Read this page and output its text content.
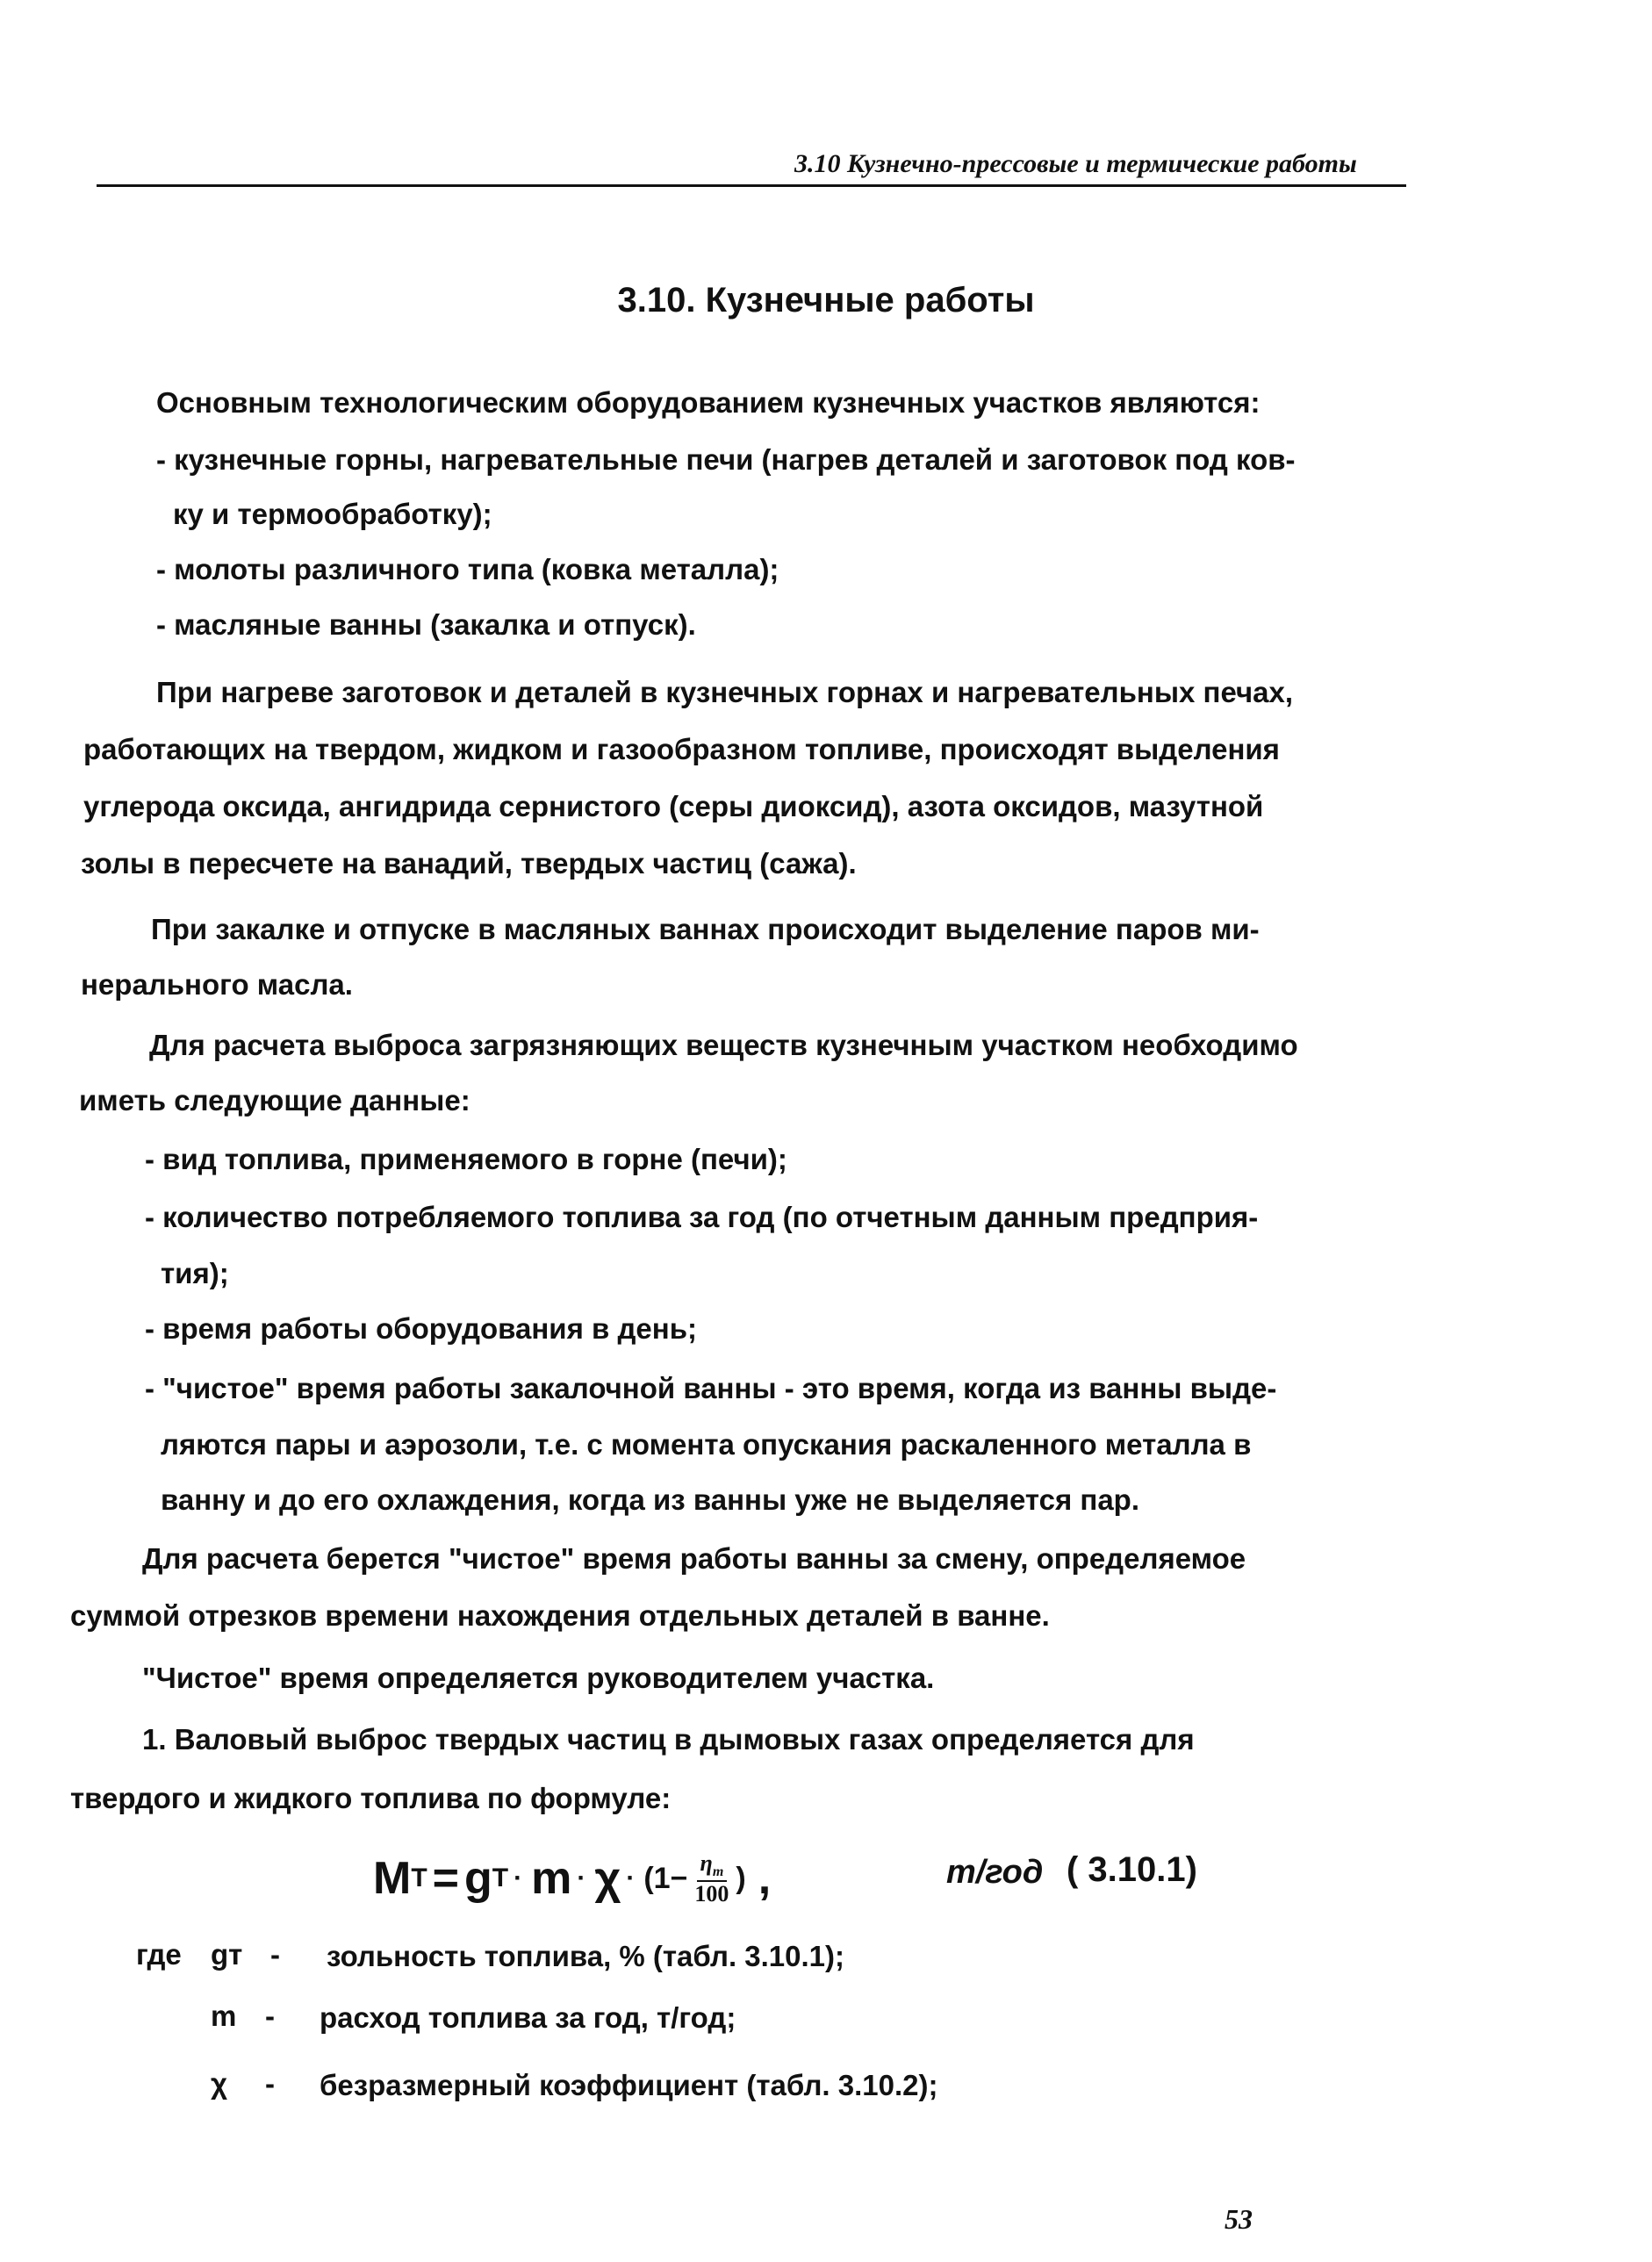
3.10 Кузнечно-прессовые и термические работы
3.10. Кузнечные работы
Основным технологическим оборудованием кузнечных участков являются:
- кузнечные горны, нагревательные печи (нагрев деталей и заготовок под ков-
ку и термообработку);
- молоты различного типа (ковка металла);
- масляные ванны (закалка и отпуск).
При нагреве заготовок и деталей в кузнечных горнах и нагревательных печах,
работающих на твердом, жидком и газообразном топливе, происходят выделения
углерода оксида, ангидрида сернистого (серы диоксид), азота оксидов, мазутной
золы в пересчете на ванадий, твердых частиц (сажа).
При закалке и отпуске в масляных ваннах происходит выделение паров ми-
нерального масла.
Для расчета выброса загрязняющих веществ кузнечным участком необходимо
иметь следующие данные:
- вид топлива, применяемого в горне (печи);
- количество потребляемого топлива за год (по отчетным данным предприя-
тия);
- время работы оборудования в день;
- "чистое" время работы закалочной ванны - это время, когда из ванны выде-
ляются пары и аэрозоли, т.е. с момента опускания раскаленного металла в
ванну и до его охлаждения, когда из ванны уже не выделяется пар.
Для расчета берется "чистое" время работы ванны за смену, определяемое
суммой отрезков времени нахождения отдельных деталей в ванне.
"Чистое" время определяется руководителем участка.
1. Валовый выброс твердых частиц в дымовых газах определяется для
твердого и жидкого топлива по формуле:
M T = g $T \cdot m \cdot \chi \cdot (1- \frac{\eta_т}{100}$ ) ,	т/год ( 3.10.1)
где gт - зольность топлива, % (табл. 3.10.1);
m - расход топлива за год, т/год;
χ - безразмерный коэффициент (табл. 3.10.2);
53
